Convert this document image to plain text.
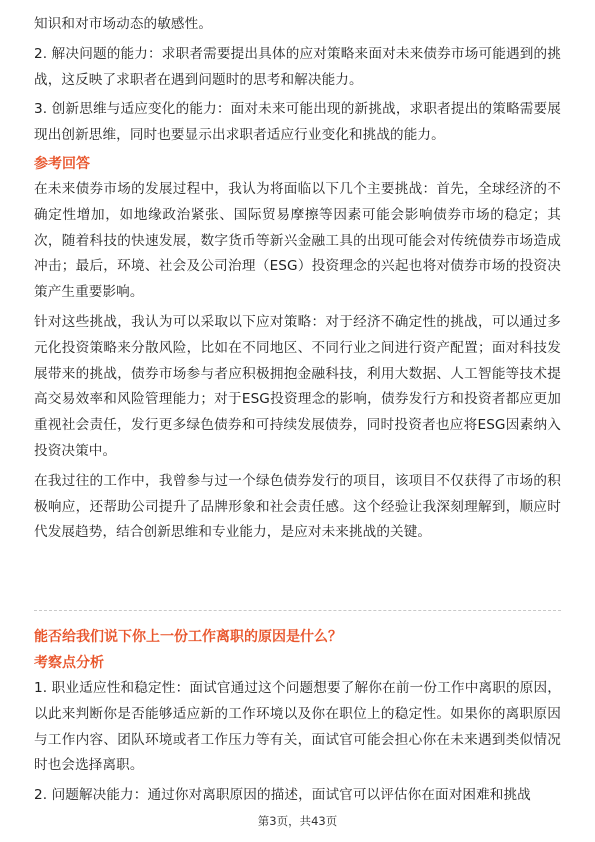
知识和对市场动态的敏感性。

2. 解决问题的能力：求职者需要提出具体的应对策略来面对未来债券市场可能遇到的挑战，这反映了求职者在遇到问题时的思考和解决能力。

3. 创新思维与适应变化的能力：面对未来可能出现的新挑战，求职者提出的策略需要展现出创新思维，同时也要显示出求职者适应行业变化和挑战的能力。

参考回答

在未来债券市场的发展过程中，我认为将面临以下几个主要挑战：首先，全球经济的不确定性增加，如地缘政治紧张、国际贸易摩擦等因素可能会影响债券市场的稳定；其次，随着科技的快速发展，数字货币等新兴金融工具的出现可能会对传统债券市场造成冲击；最后，环境、社会及公司治理（ESG）投资理念的兴起也将对债券市场的投资决策产生重要影响。

针对这些挑战，我认为可以采取以下应对策略：对于经济不确定性的挑战，可以通过多元化投资策略来分散风险，比如在不同地区、不同行业之间进行资产配置；面对科技发展带来的挑战，债券市场参与者应积极拥抱金融科技，利用大数据、人工智能等技术提高交易效率和风险管理能力；对于ESG投资理念的影响，债券发行方和投资者都应更加重视社会责任，发行更多绿色债券和可持续发展债券，同时投资者也应将ESG因素纳入投资决策中。

在我过往的工作中，我曾参与过一个绿色债券发行的项目，该项目不仅获得了市场的积极响应，还帮助公司提升了品牌形象和社会责任感。这个经验让我深刻理解到，顺应时代发展趋势，结合创新思维和专业能力，是应对未来挑战的关键。

能否给我们说下你上一份工作离职的原因是什么？
考察点分析

1. 职业适应性和稳定性：面试官通过这个问题想要了解你在前一份工作中离职的原因，以此来判断你是否能够适应新的工作环境以及你在职位上的稳定性。如果你的离职原因与工作内容、团队环境或者工作压力等有关，面试官可能会担心你在未来遇到类似情况时也会选择离职。

2. 问题解决能力：通过你对离职原因的描述，面试官可以评估你在面对困难和挑战

第3页，共43页
